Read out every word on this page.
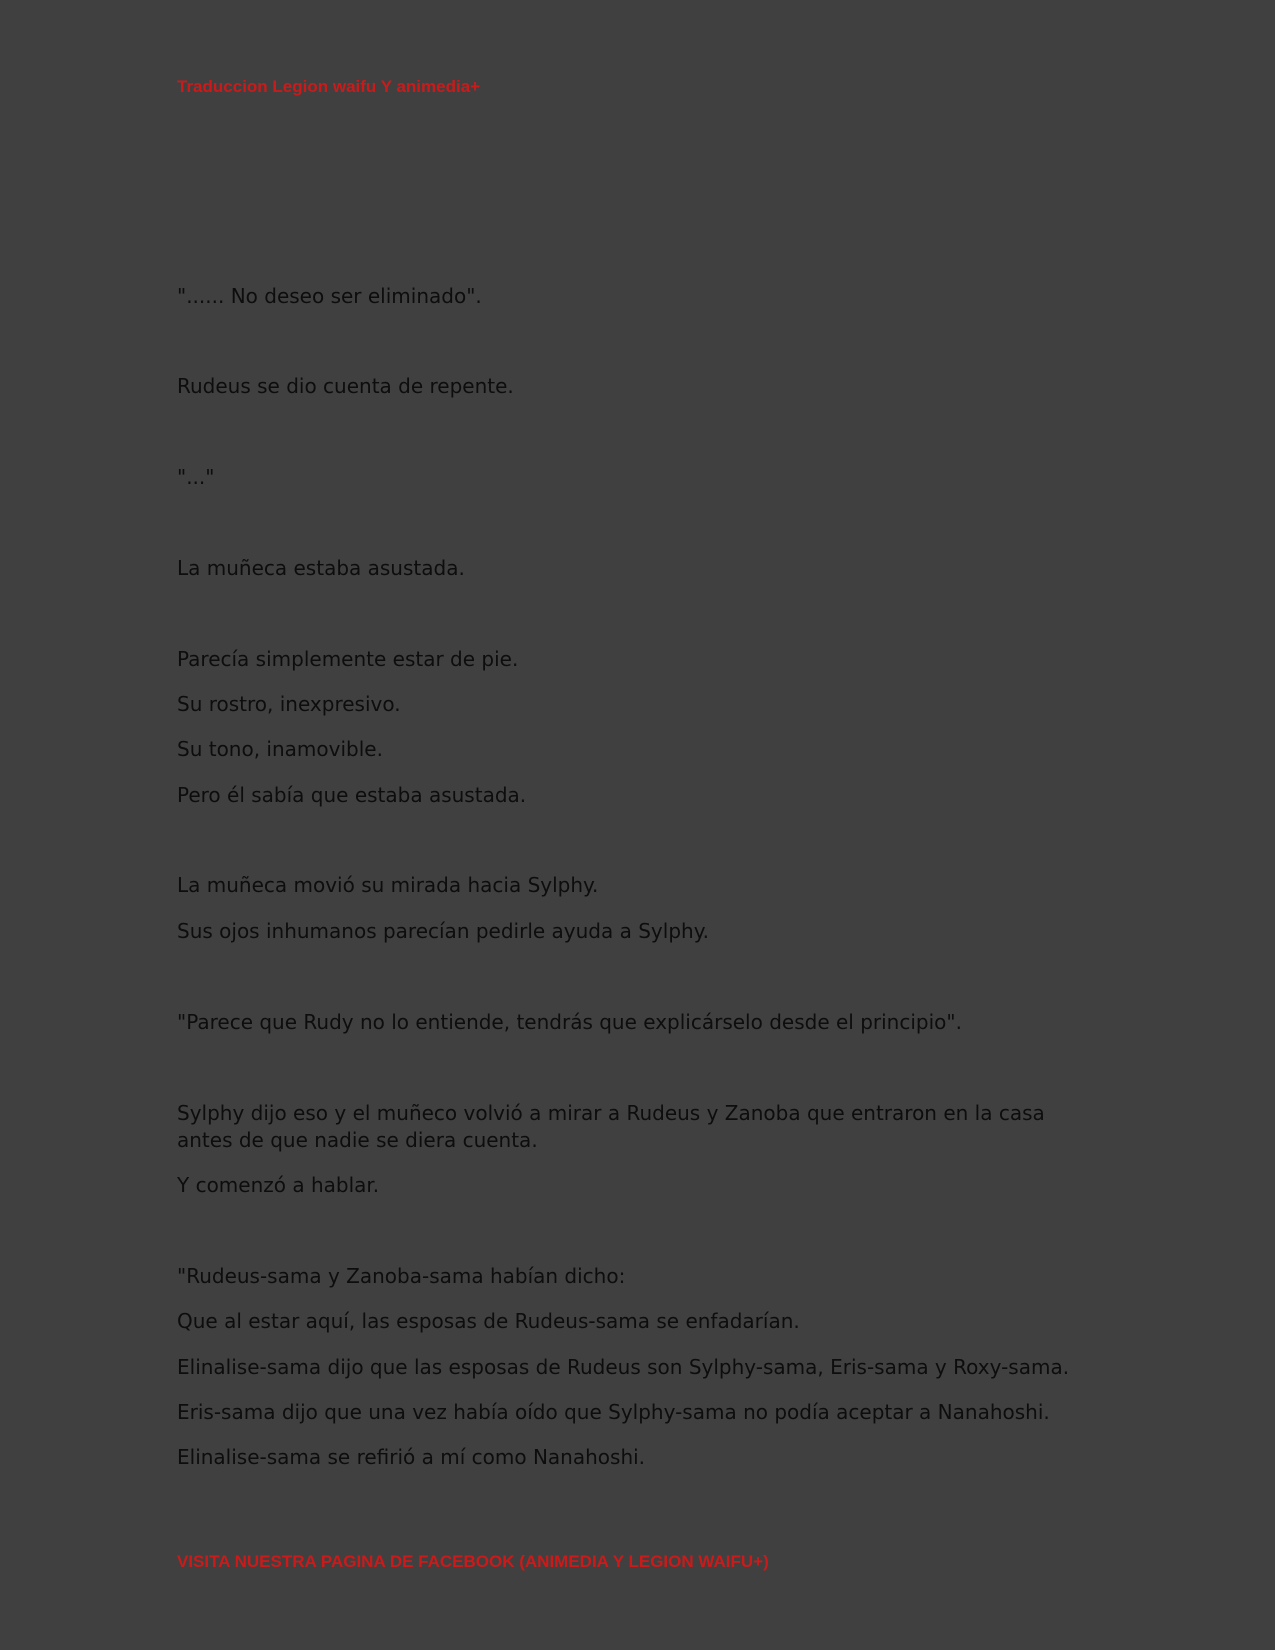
Traduccion Legion waifu Y animedia+

"...... No deseo ser eliminado".

Rudeus se dio cuenta de repente.

"..."

La muñeca estaba asustada.

Parecía simplemente estar de pie.

Su rostro, inexpresivo.

Su tono, inamovible.

Pero él sabía que estaba asustada.

La muñeca movió su mirada hacia Sylphy.

Sus ojos inhumanos parecían pedirle ayuda a Sylphy.

"Parece que Rudy no lo entiende, tendrás que explicárselo desde el principio".

Sylphy dijo eso y el muñeco volvió a mirar a Rudeus y Zanoba que entraron en la casa antes de que nadie se diera cuenta.

Y comenzó a hablar.

"Rudeus-sama y Zanoba-sama habían dicho:

Que al estar aquí, las esposas de Rudeus-sama se enfadarían.

Elinalise-sama dijo que las esposas de Rudeus son Sylphy-sama, Eris-sama y Roxy-sama.

Eris-sama dijo que una vez había oído que Sylphy-sama no podía aceptar a Nanahoshi.

Elinalise-sama se refirió a mí como Nanahoshi.

VISITA NUESTRA PAGINA DE FACEBOOK (ANIMEDIA Y LEGION WAIFU+)
